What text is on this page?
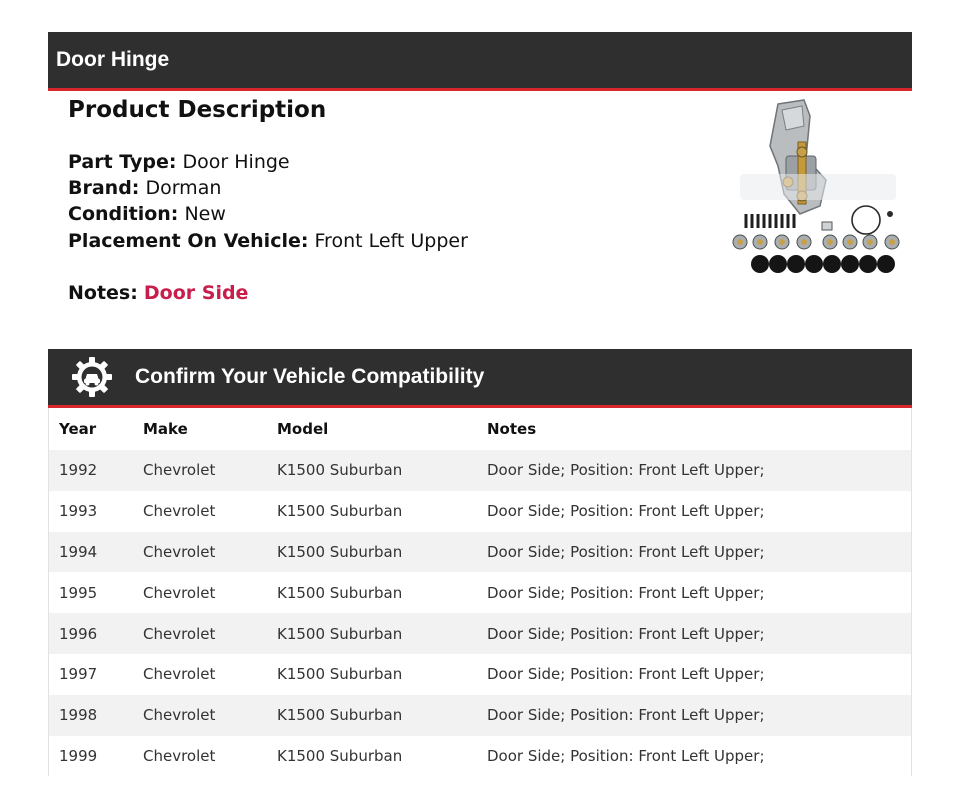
Door Hinge
Product Description
Part Type: Door Hinge
Brand: Dorman
Condition: New
Placement On Vehicle: Front Left Upper
Notes: Door Side
Confirm Your Vehicle Compatibility
Year	Make	Model	Notes
1992	Chevrolet	K1500 Suburban	Door Side; Position: Front Left Upper;
1993	Chevrolet	K1500 Suburban	Door Side; Position: Front Left Upper;
1994	Chevrolet	K1500 Suburban	Door Side; Position: Front Left Upper;
1995	Chevrolet	K1500 Suburban	Door Side; Position: Front Left Upper;
1996	Chevrolet	K1500 Suburban	Door Side; Position: Front Left Upper;
1997	Chevrolet	K1500 Suburban	Door Side; Position: Front Left Upper;
1998	Chevrolet	K1500 Suburban	Door Side; Position: Front Left Upper;
1999	Chevrolet	K1500 Suburban	Door Side; Position: Front Left Upper;
